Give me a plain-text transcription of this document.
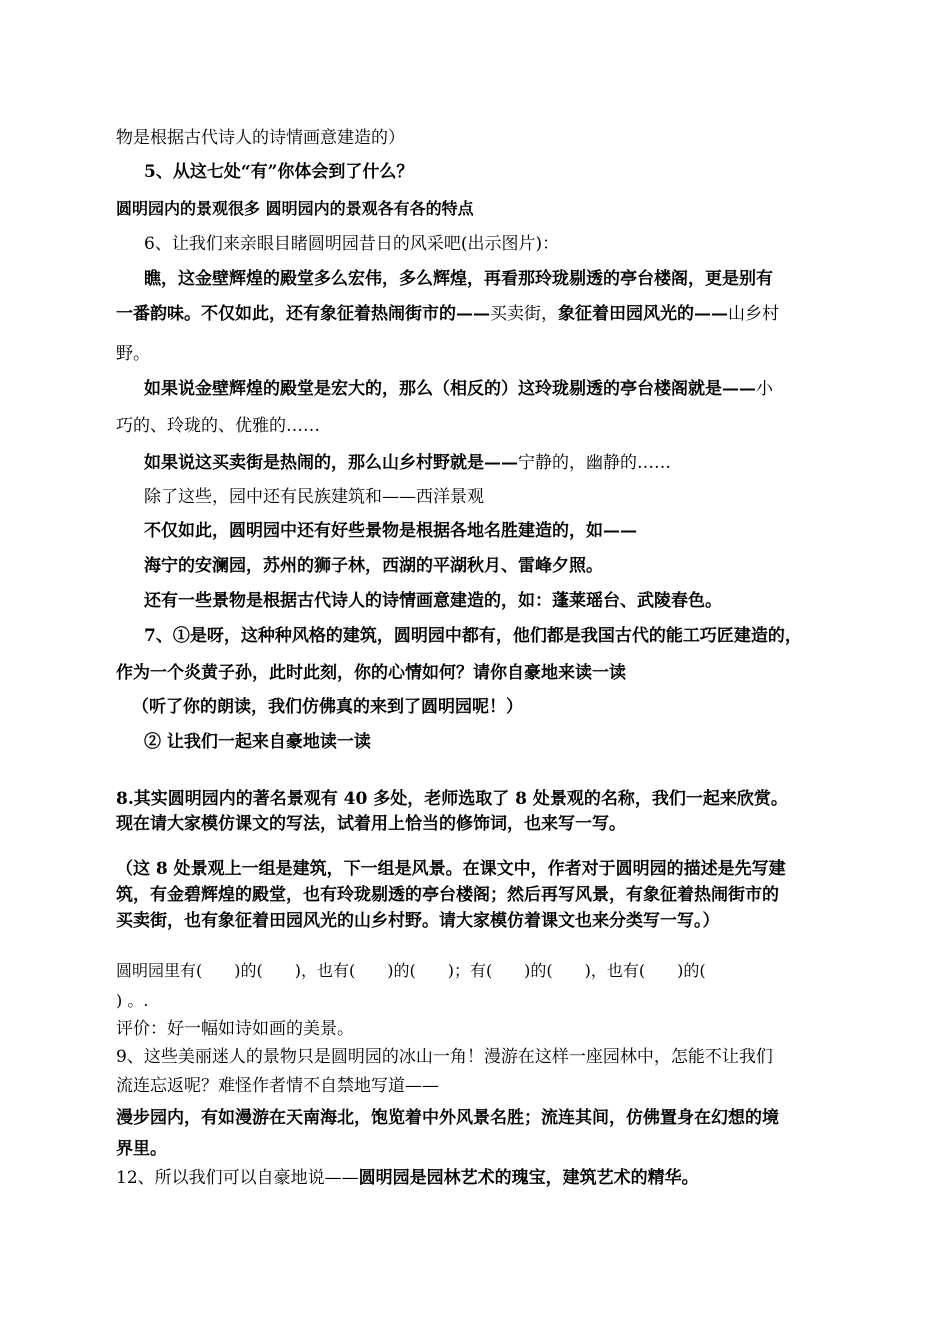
物是根据古代诗人的诗情画意建造的）
5、从这七处“有”你体会到了什么？
圆明园内的景观很多 圆明园内的景观各有各的特点
6、让我们来亲眼目睹圆明园昔日的风采吧(出示图片)：
瞧，这金壁辉煌的殿堂多么宏伟，多么辉煌，再看那玲珑剔透的亭台楼阁，更是别有
一番韵味。不仅如此，还有象征着热闹街市的——买卖街，象征着田园风光的——山乡村
野。
如果说金壁辉煌的殿堂是宏大的，那么（相反的）这玲珑剔透的亭台楼阁就是——小
巧的、玲珑的、优雅的……
如果说这买卖街是热闹的，那么山乡村野就是——宁静的，幽静的……
除了这些，园中还有民族建筑和——西洋景观
不仅如此，圆明园中还有好些景物是根据各地名胜建造的，如——
海宁的安澜园，苏州的狮子林，西湖的平湖秋月、雷峰夕照。
还有一些景物是根据古代诗人的诗情画意建造的，如：蓬莱瑶台、武陵春色。
7、①是呀，这种种风格的建筑，圆明园中都有，他们都是我国古代的能工巧匠建造的，
作为一个炎黄子孙，此时此刻，你的心情如何？请你自豪地来读一读
（听了你的朗读，我们仿佛真的来到了圆明园呢！）
② 让我们一起来自豪地读一读
8.其实圆明园内的著名景观有 40 多处，老师选取了 8 处景观的名称，我们一起来欣赏。
现在请大家模仿课文的写法，试着用上恰当的修饰词，也来写一写。
（这 8 处景观上一组是建筑，下一组是风景。在课文中，作者对于圆明园的描述是先写建
筑，有金碧辉煌的殿堂，也有玲珑剔透的亭台楼阁；然后再写风景，有象征着热闹街市的
买卖街，也有象征着田园风光的山乡村野。请大家模仿着课文也来分类写一写。）
圆明园里有(　　)的(　　)，也有(　　)的(　　)；有(　　)的(　　)，也有(　　)的(
) 。.
评价：好一幅如诗如画的美景。
9、这些美丽迷人的景物只是圆明园的冰山一角！漫游在这样一座园林中，怎能不让我们
流连忘返呢？难怪作者情不自禁地写道——
漫步园内，有如漫游在天南海北，饱览着中外风景名胜；流连其间，仿佛置身在幻想的境
界里。
12、所以我们可以自豪地说——圆明园是园林艺术的瑰宝，建筑艺术的精华。
